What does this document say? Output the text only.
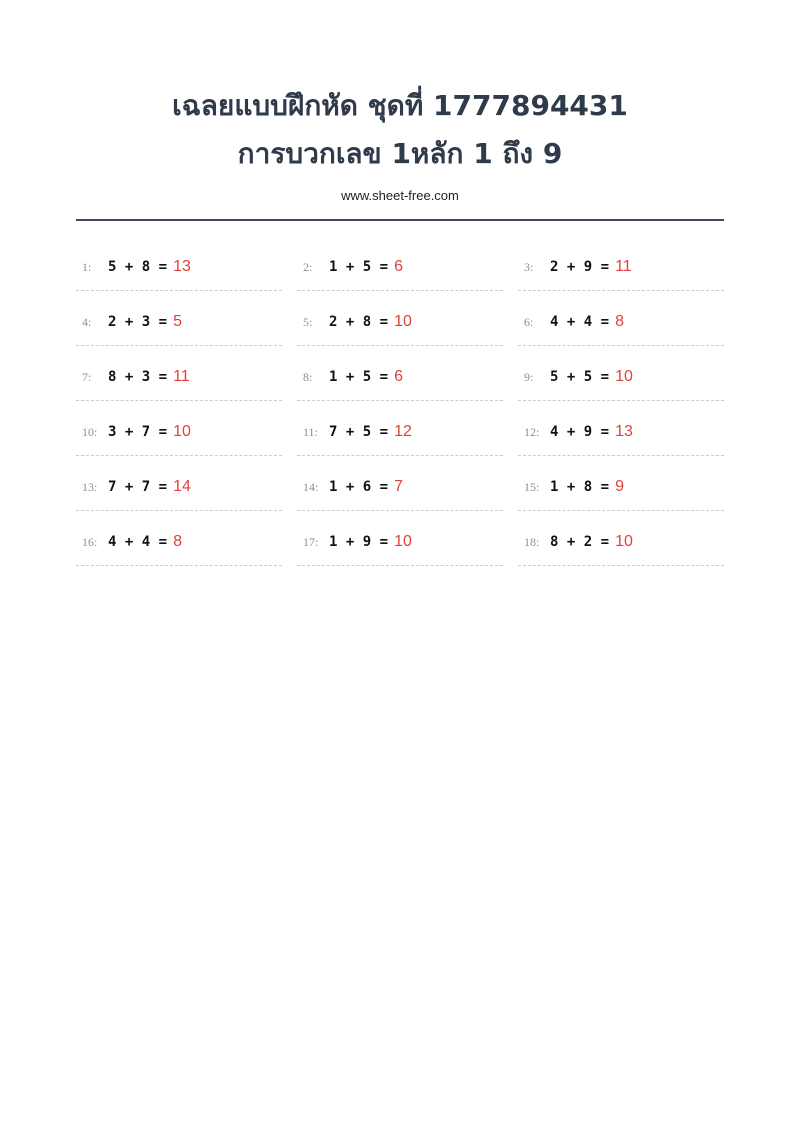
เฉลยแบบฝึกหัด ชุดที่ 1777894431
การบวกเลข 1หลัก 1 ถึง 9
www.sheet-free.com
1:	5 + 8 = 13	2:	1 + 5 = 6	3:	2 + 9 = 11
4:	2 + 3 = 5	5:	2 + 8 = 10	6:	4 + 4 = 8
7:	8 + 3 = 11	8:	1 + 5 = 6	9:	5 + 5 = 10
10: 3 + 7 = 10	11: 7 + 5 = 12	12: 4 + 9 = 13
13: 7 + 7 = 14	14: 1 + 6 = 7	15: 1 + 8 = 9
16: 4 + 4 = 8	17: 1 + 9 = 10	18: 8 + 2 = 10
